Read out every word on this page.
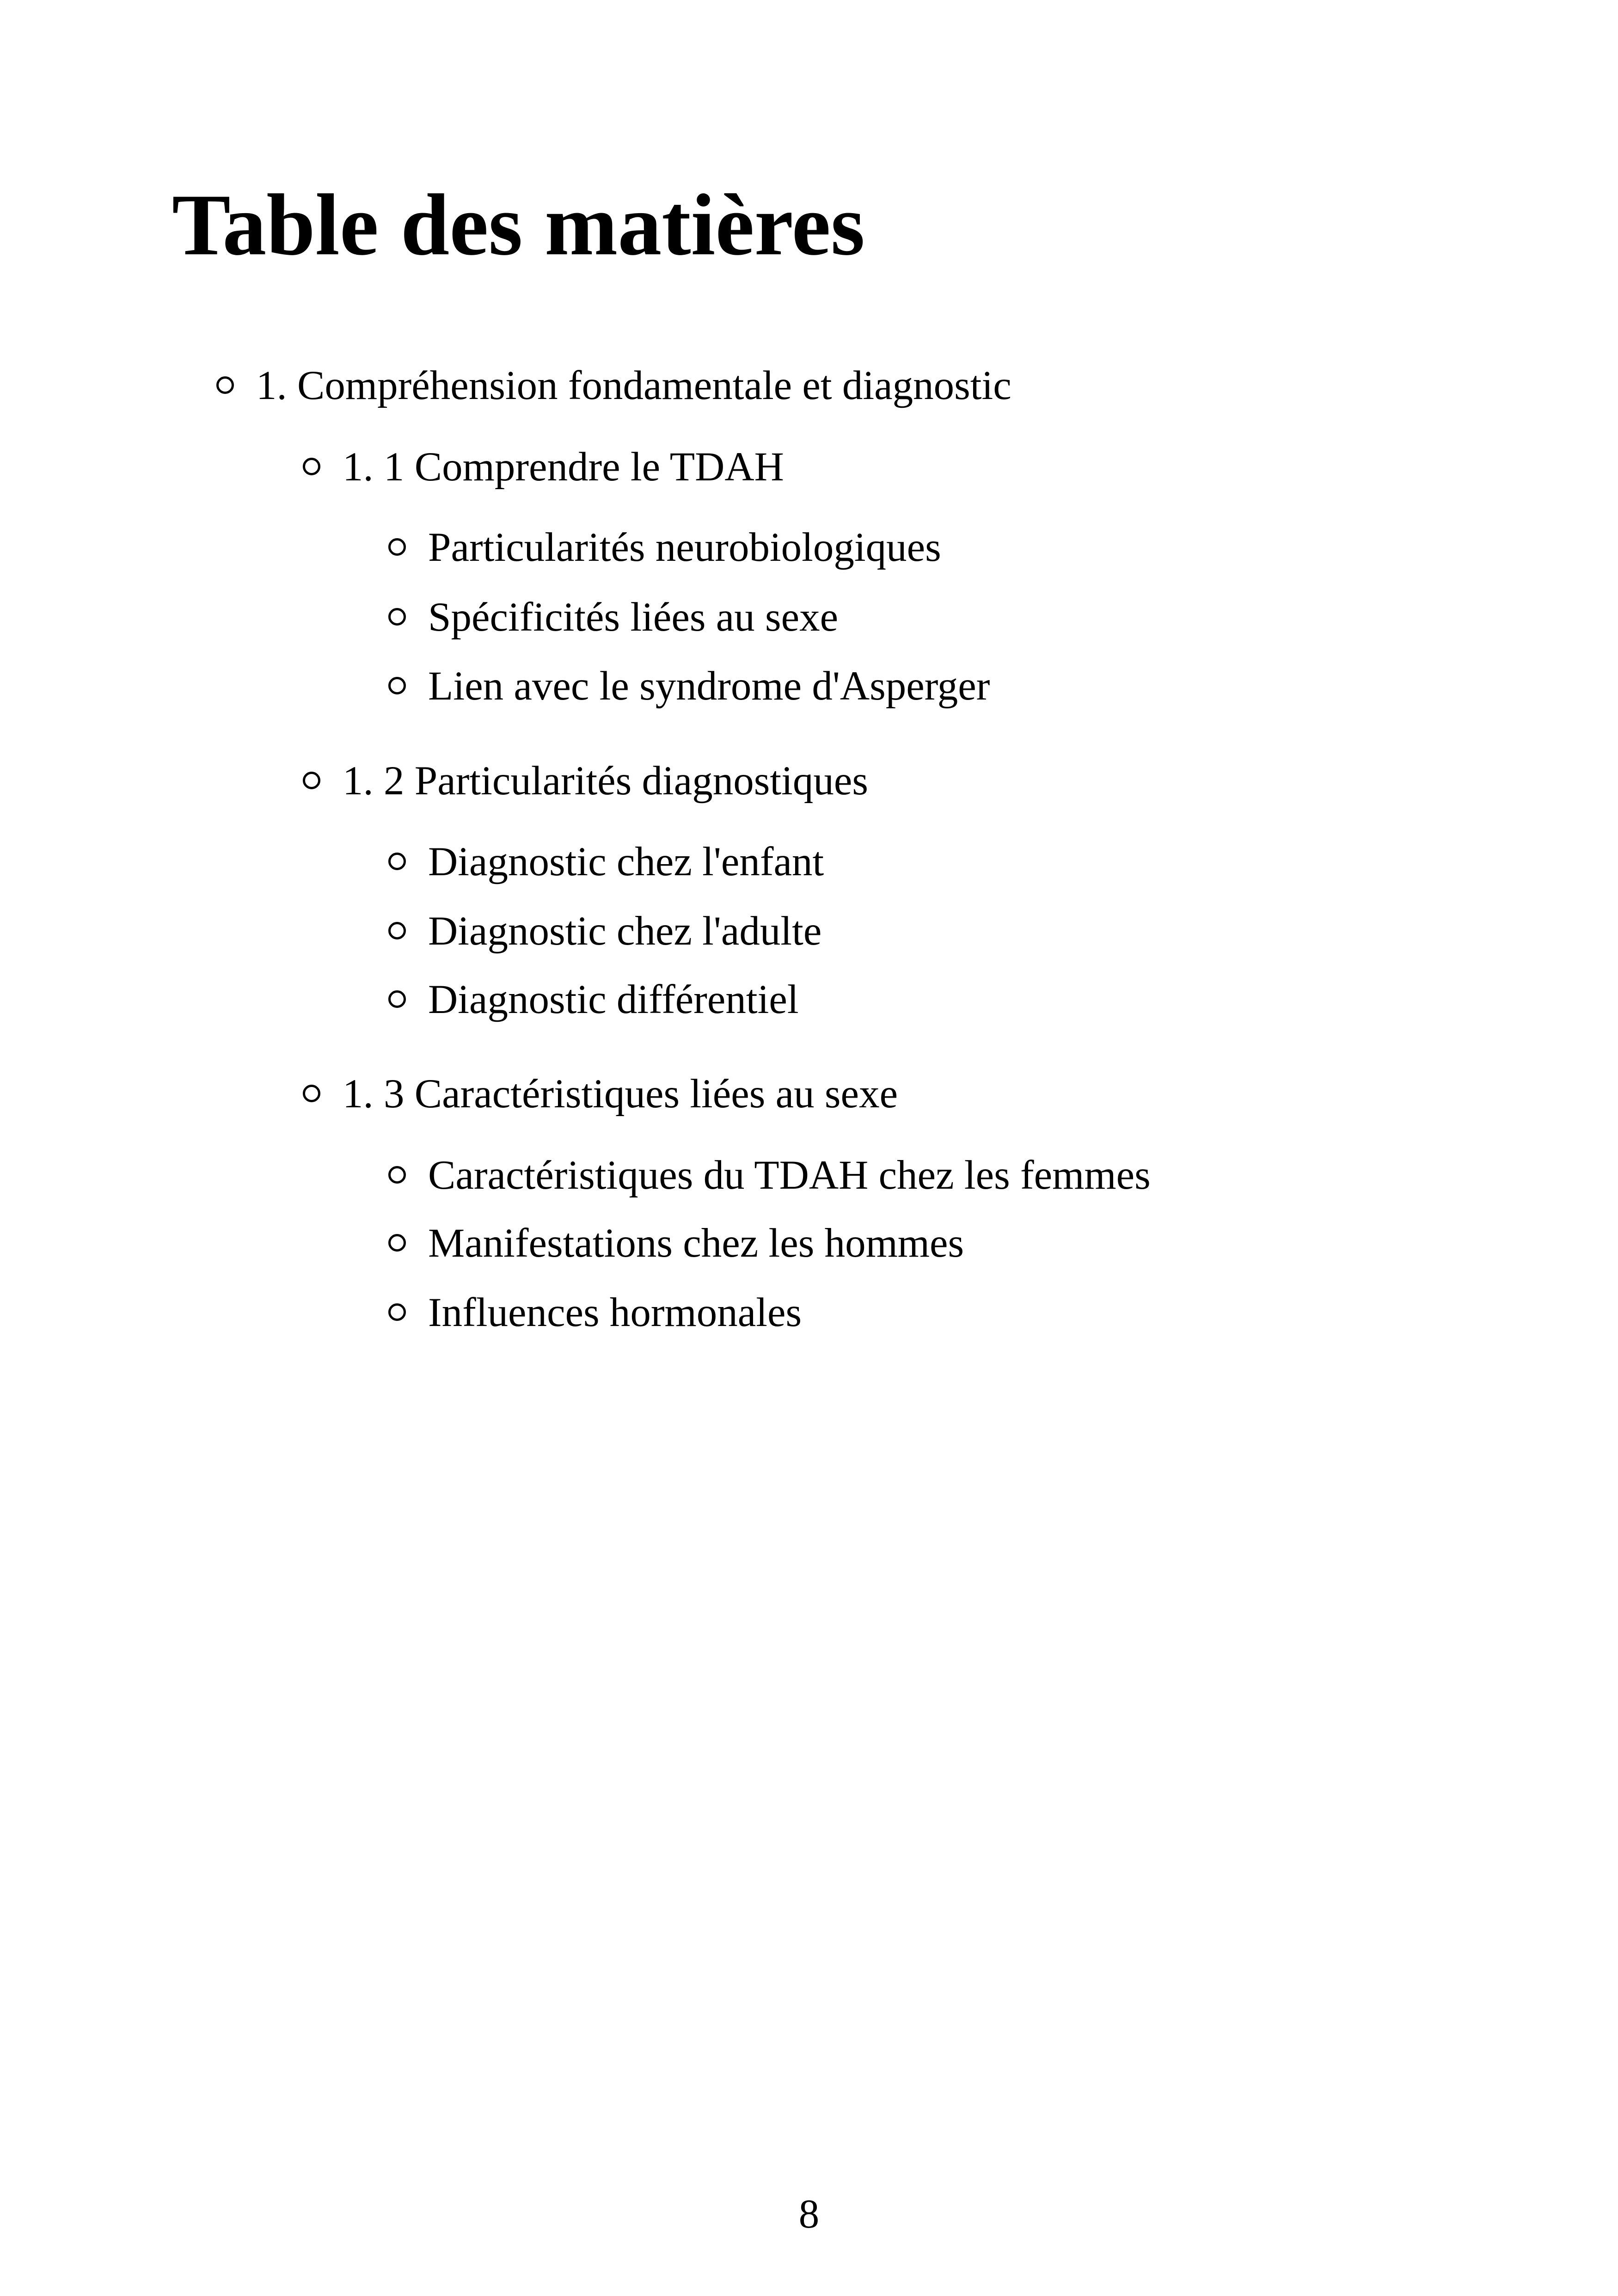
Table des matières
1. Compréhension fondamentale et diagnostic
1. 1 Comprendre le TDAH
Particularités neurobiologiques
Spécificités liées au sexe
Lien avec le syndrome d'Asperger
1. 2 Particularités diagnostiques
Diagnostic chez l'enfant
Diagnostic chez l'adulte
Diagnostic différentiel
1. 3 Caractéristiques liées au sexe
Caractéristiques du TDAH chez les femmes
Manifestations chez les hommes
Influences hormonales
8
